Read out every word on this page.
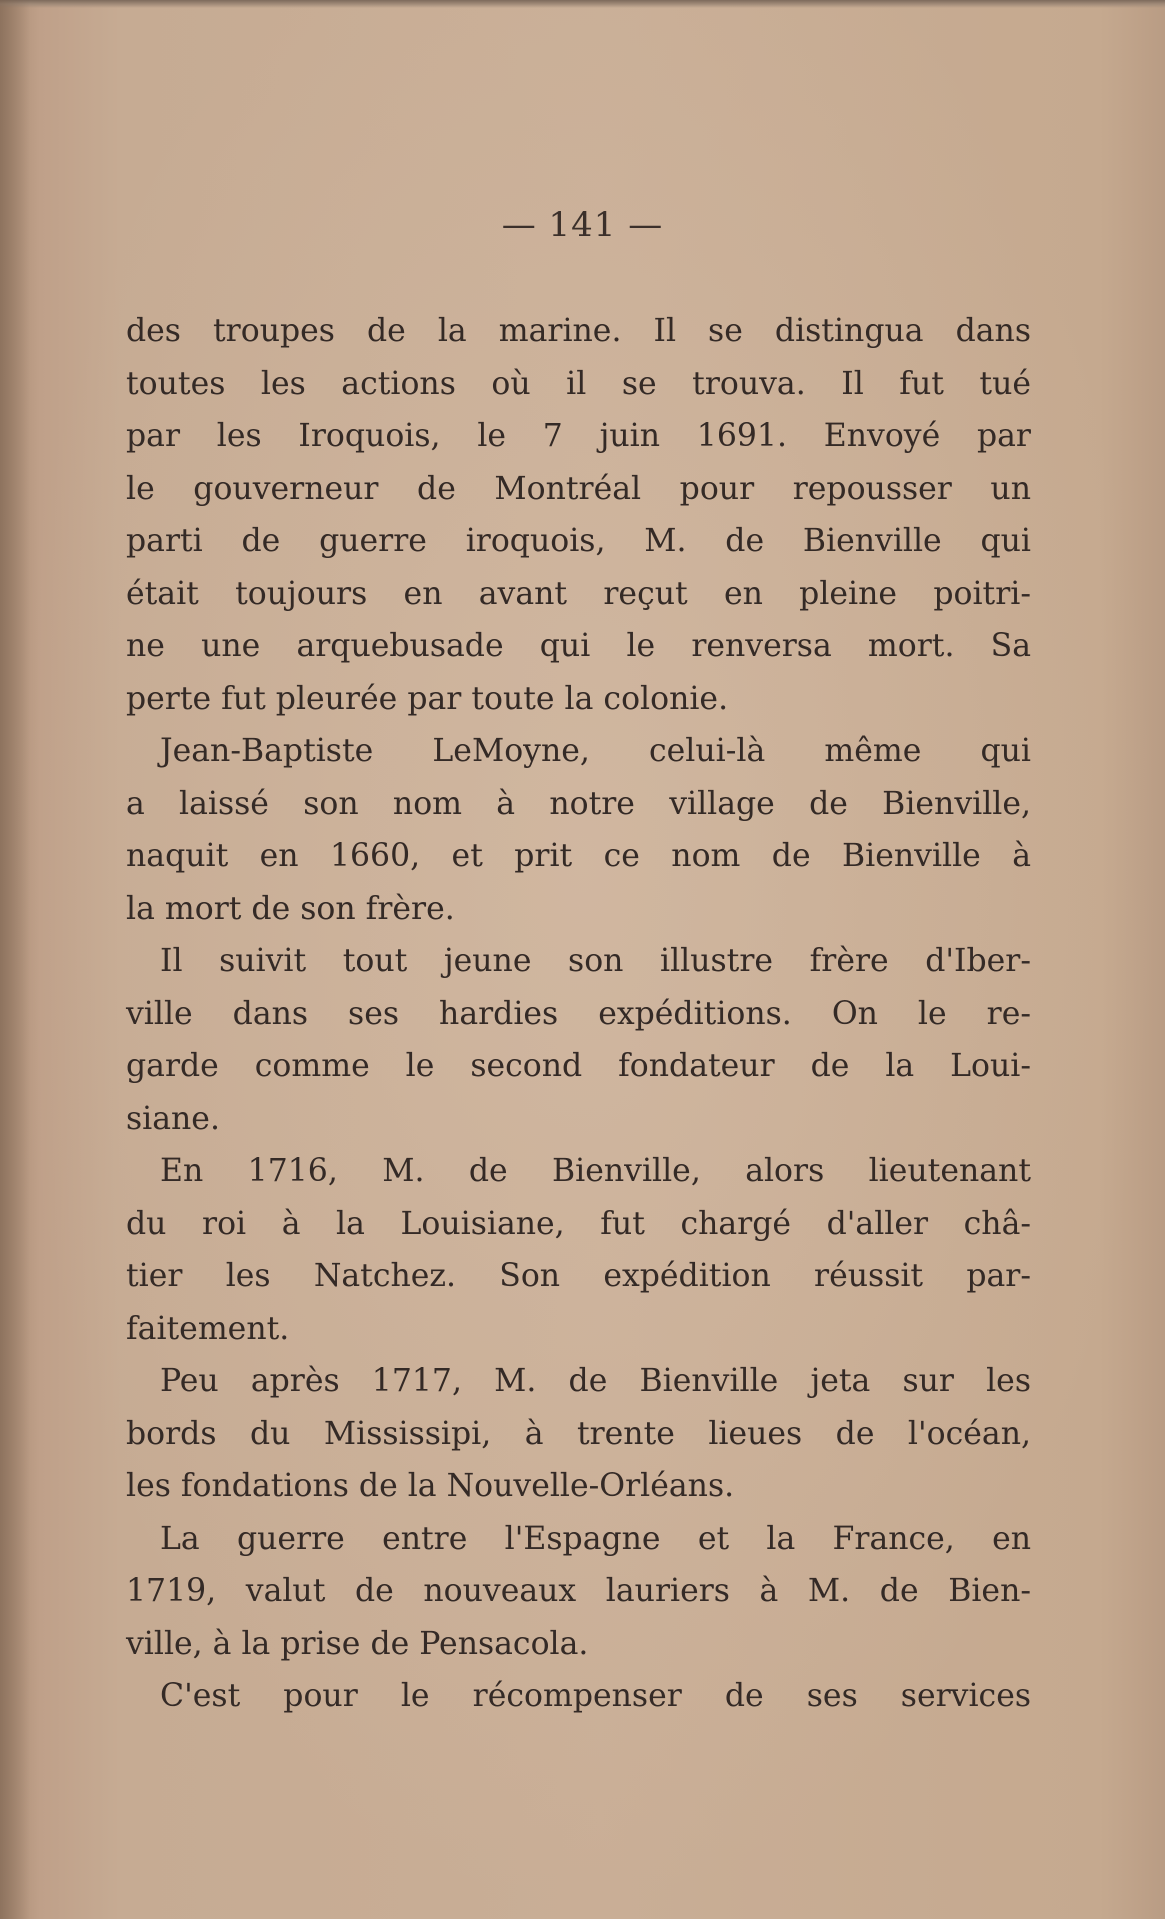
— 141 —
des troupes de la marine. Il se distingua dans
toutes les actions où il se trouva. Il fut tué
par les Iroquois, le 7 juin 1691. Envoyé par
le gouverneur de Montréal pour repousser un
parti de guerre iroquois, M. de Bienville qui
était toujours en avant reçut en pleine poitri-
ne une arquebusade qui le renversa mort. Sa
perte fut pleurée par toute la colonie.
Jean-Baptiste LeMoyne, celui-là même qui
a laissé son nom à notre village de Bienville,
naquit en 1660, et prit ce nom de Bienville à
la mort de son frère.
Il suivit tout jeune son illustre frère d'Iber-
ville dans ses hardies expéditions. On le re-
garde comme le second fondateur de la Loui-
siane.
En 1716, M. de Bienville, alors lieutenant
du roi à la Louisiane, fut chargé d'aller châ-
tier les Natchez. Son expédition réussit par-
faitement.
Peu après 1717, M. de Bienville jeta sur les
bords du Mississipi, à trente lieues de l'océan,
les fondations de la Nouvelle-Orléans.
La guerre entre l'Espagne et la France, en
1719, valut de nouveaux lauriers à M. de Bien-
ville, à la prise de Pensacola.
C'est pour le récompenser de ses services
